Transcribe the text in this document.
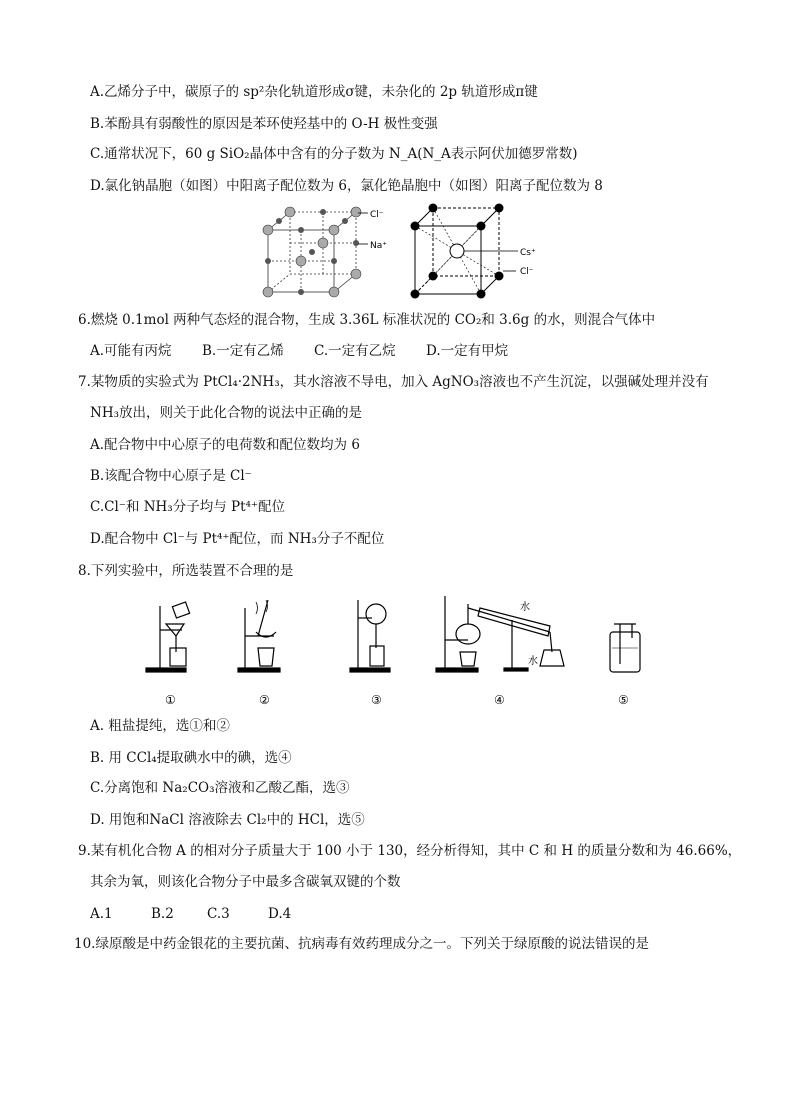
A.乙烯分子中，碳原子的 sp²杂化轨道形成σ键，未杂化的 2p 轨道形成π键
B.苯酚具有弱酸性的原因是苯环使羟基中的 O-H 极性变强
C.通常状况下，60 g SiO₂晶体中含有的分子数为 N_A(N_A表示阿伏加德罗常数)
D.氯化钠晶胞（如图）中阳离子配位数为 6，氯化铯晶胞中（如图）阳离子配位数为 8
Cl⁻
Na⁺
Cs⁺
Cl⁻
6.燃烧 0.1mol 两种气态烃的混合物，生成 3.36L 标准状况的 CO₂和 3.6g 的水，则混合气体中
A.可能有丙烷 B.一定有乙烯 C.一定有乙烷 D.一定有甲烷
7.某物质的实验式为 PtCl₄·2NH₃，其水溶液不导电，加入 AgNO₃溶液也不产生沉淀，以强碱处理并没有
NH₃放出，则关于此化合物的说法中正确的是
A.配合物中中心原子的电荷数和配位数均为 6
B.该配合物中心原子是 Cl⁻
C.Cl⁻和 NH₃分子均与 Pt⁴⁺配位
D.配合物中 Cl⁻与 Pt⁴⁺配位，而 NH₃分子不配位
8.下列实验中，所选装置不合理的是
水
水
①	②	③	④	⑤
A. 粗盐提纯，选①和②
B. 用 CCl₄提取碘水中的碘，选④
C.分离饱和 Na₂CO₃溶液和乙酸乙酯，选③
D. 用饱和NaCl 溶液除去 Cl₂中的 HCl，选⑤
9.某有机化合物 A 的相对分子质量大于 100 小于 130，经分析得知，其中 C 和 H 的质量分数和为 46.66%，
其余为氧，则该化合物分子中最多含碳氧双键的个数
A.1	B.2 C.3	D.4
10.绿原酸是中药金银花的主要抗菌、抗病毒有效药理成分之一。下列关于绿原酸的说法错误的是
